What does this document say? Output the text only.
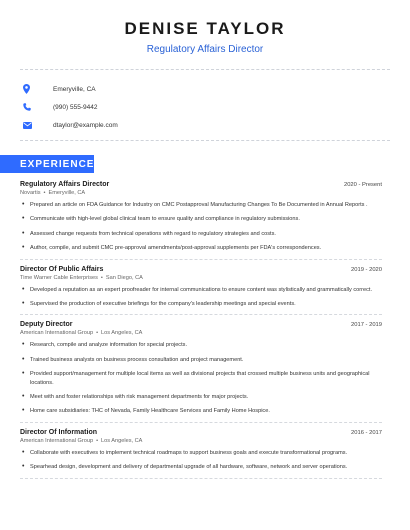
DENISE TAYLOR
Regulatory Affairs Director
Emeryville, CA
(990) 555-9442
dtaylor@example.com
EXPERIENCE
Regulatory Affairs Director	2020 - Present
Novartis • Emeryville, CA
• Prepared an article on FDA Guidance for Industry on CMC Postapproval Manufacturing Changes To Be Documented in Annual Reports .
• Communicate with high-level global clinical team to ensure quality and compliance in regulatory submissions.
• Assessed change requests from technical operations with regard to regulatory strategies and costs.
• Author, compile, and submit CMC pre-approval amendments/post-approval supplements per FDA's correspondences.
Director Of Public Affairs	2019 - 2020
Time Warner Cable Enterprises • San Diego, CA
• Developed a reputation as an expert proofreader for internal communications to ensure content was stylistically and grammatically correct.
• Supervised the production of executive briefings for the company's leadership meetings and special events.
Deputy Director	2017 - 2019
American International Group • Los Angeles, CA
• Research, compile and analyze information for special projects.
• Trained business analysts on business process consultation and project management.
• Provided support/management for multiple local items as well as divisional projects that crossed multiple business units and geographical locations.
• Meet with and foster relationships with risk management departments for major projects.
• Home care subsidiaries: THC of Nevada, Family Healthcare Services and Family Home Hospice.
Director Of Information	2016 - 2017
American International Group • Los Angeles, CA
• Collaborate with executives to implement technical roadmaps to support business goals and execute transformational programs.
• Spearhead design, development and delivery of departmental upgrade of all hardware, software, network and server operations.
